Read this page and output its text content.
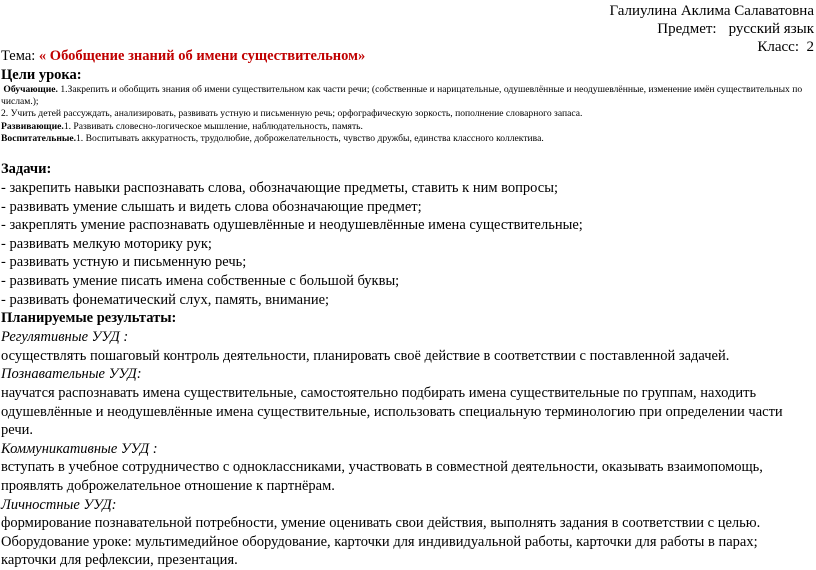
Галиулина Аклима Салаватовна
Предмет: русский язык
Класс: 2
Тема: « Обобщение знаний об имени существительном»
Цели урока:

Обучающие. 1.Закрепить и обобщить знания об имени существительном как части речи; (собственные и нарицательные, одушевлённые и неодушевлённые, изменение имён существительных по числам.);

2. Учить детей рассуждать, анализировать, развивать устную и письменную речь; орфографическую зоркость, пополнение словарного запаса.

Развивающие.1. Развивать словесно-логическое мышление, наблюдательность, память.

Воспитательные.1. Воспитывать аккуратность, трудолюбие, доброжелательность, чувство дружбы, единства классного коллектива.

Задачи:

- закрепить навыки распознавать слова, обозначающие предметы, ставить к ним вопросы;

- развивать умение слышать и видеть слова обозначающие предмет;

- закреплять умение распознавать одушевлённые и неодушевлённые имена существительные;

- развивать мелкую моторику рук;

- развивать устную и письменную речь;

- развивать умение писать имена собственные с большой буквы;

- развивать фонематический слух, память, внимание;

Планируемые результаты:

Регулятивные УУД :

осуществлять пошаговый контроль деятельности, планировать своё действие в соответствии с поставленной задачей.

Познавательные УУД:

научатся распознавать имена существительные, самостоятельно подбирать имена существительные по группам, находить одушевлённые и неодушевлённые имена существительные, использовать специальную терминологию при определении части речи.

Коммуникативные УУД :

вступать в учебное сотрудничество с одноклассниками, участвовать в совместной деятельности, оказывать взаимопомощь, проявлять доброжелательное отношение к партнёрам.

Личностные УУД:

формирование познавательной потребности, умение оценивать свои действия, выполнять задания в соответствии с целью.

Оборудование уроке: мультимедийное оборудование, карточки для индивидуальной работы, карточки для работы в парах; карточки для рефлексии, презентация.
